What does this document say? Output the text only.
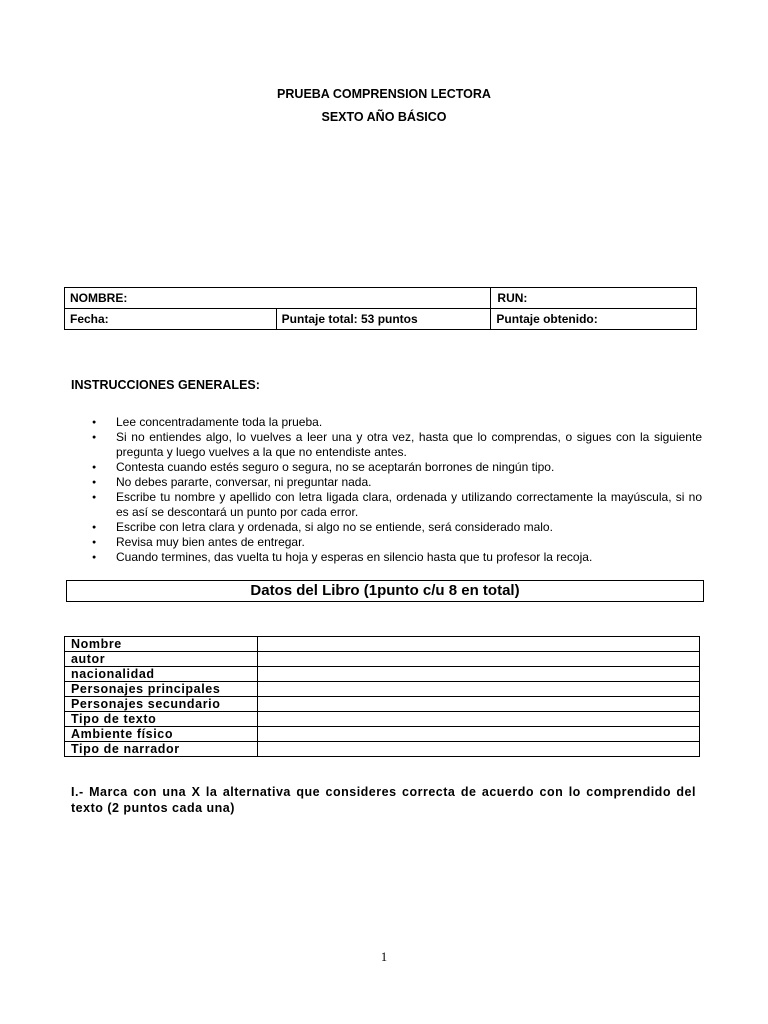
PRUEBA COMPRENSION LECTORA
SEXTO AÑO BÁSICO
NOMBRE:		RUN:
Fecha:	Puntaje total: 53 puntos	Puntaje obtenido:
INSTRUCCIONES GENERALES:
● Lee concentradamente toda la prueba.
● Si no entiendes algo, lo vuelves a leer una y otra vez, hasta que lo comprendas, o sigues con la siguiente pregunta y luego vuelves a la que no entendiste antes.
● Contesta cuando estés seguro o segura, no se aceptarán borrones de ningún tipo.
● No debes pararte, conversar, ni preguntar nada.
● Escribe tu nombre y apellido con letra ligada clara, ordenada y utilizando correctamente la mayúscula, si no es así se descontará un punto por cada error.
● Escribe con letra clara y ordenada, si algo no se entiende, será considerado malo.
● Revisa muy bien antes de entregar.
● Cuando termines, das vuelta tu hoja y esperas en silencio hasta que tu profesor la recoja.
Datos del Libro (1punto c/u 8 en total)
Nombre	
autor	
nacionalidad	
Personajes principales	
Personajes secundario	
Tipo de texto	
Ambiente físico	
Tipo de narrador	
I.- Marca con una X la alternativa que consideres correcta de acuerdo con lo comprendido del texto (2 puntos cada una)
1
